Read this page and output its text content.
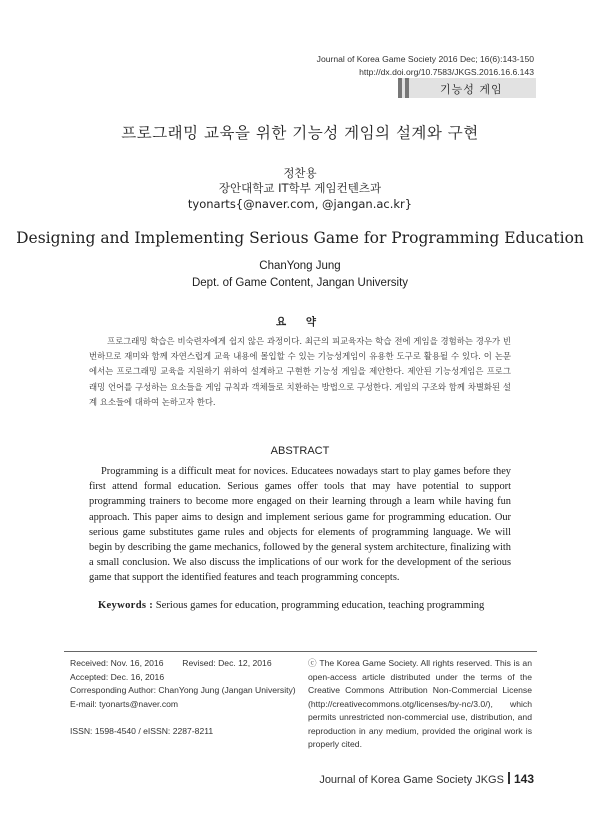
Journal of Korea Game Society 2016 Dec; 16(6):143-150
http://dx.doi.org/10.7583/JKGS.2016.16.6.143
기능성 게임
프로그래밍 교육을 위한 기능성 게임의 설계와 구현
정찬용
장안대학교 IT학부 게임컨텐츠과
tyonarts{@naver.com, @jangan.ac.kr}
Designing and Implementing Serious Game for Programming Education
ChanYong Jung
Dept. of Game Content, Jangan University
요 약
프로그래밍 학습은 비숙련자에게 쉽지 않은 과정이다. 최근의 피교육자는 학습 전에 게임을 경험하는 경우가 빈번하므로 재미와 함께 자연스럽게 교육 내용에 몰입할 수 있는 기능성게임이 유용한 도구로 활용될 수 있다. 이 논문에서는 프로그래밍 교육을 지원하기 위하여 설계하고 구현한 기능성 게임을 제안한다. 제안된 기능성게임은 프로그래밍 언어를 구성하는 요소들을 게임 규칙과 객체들로 치환하는 방법으로 구성한다. 게임의 구조와 함께 차별화된 설계 요소들에 대하여 논하고자 한다.
ABSTRACT
Programming is a difficult meat for novices. Educatees nowadays start to play games before they first attend formal education. Serious games offer tools that may have potential to support programming trainers to become more engaged on their learning through a learn while having fun approach. This paper aims to design and implement serious game for programming education. Our serious game substitutes game rules and objects for elements of programming language. We will begin by describing the game mechanics, followed by the general system architecture, finalizing with a small conclusion. We also discuss the implications of our work for the development of the serious game that support the identified features and teach programming concepts.
Keywords : Serious games for education, programming education, teaching programming
Received: Nov. 16, 2016 Revised: Dec. 12, 2016
Accepted: Dec. 16, 2016
Corresponding Author: ChanYong Jung (Jangan University)
E-mail: tyonarts@naver.com
ISSN: 1598-4540 / eISSN: 2287-8211
ⓒ The Korea Game Society. All rights reserved. This is an open-access article distributed under the terms of the Creative Commons Attribution Non-Commercial License (http://creativecommons.otg/licenses/by-nc/3.0/), which permits unrestricted non-commercial use, distribution, and reproduction in any medium, provided the original work is properly cited.
Journal of Korea Game Society JKGS 143
